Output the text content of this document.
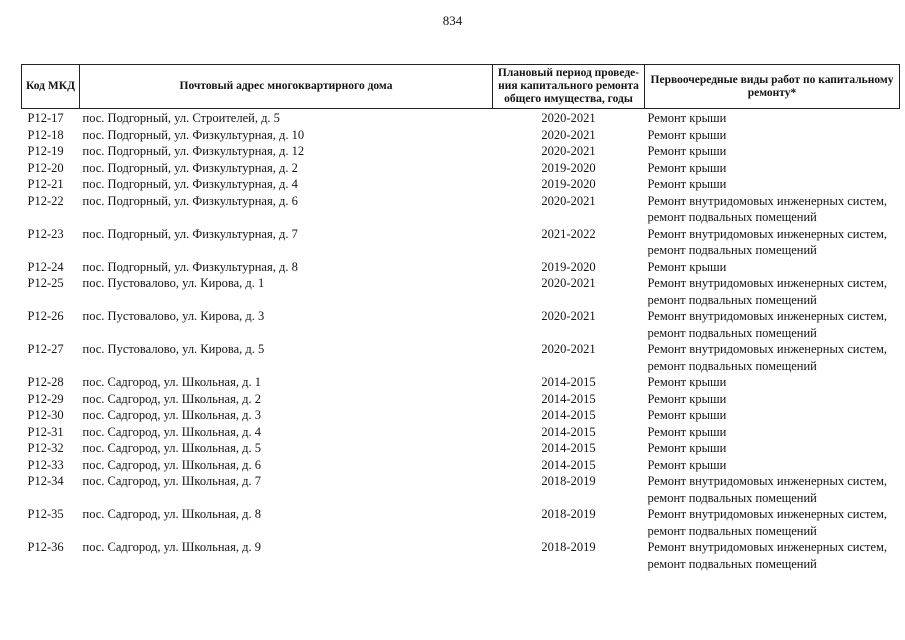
834
Код МКД	Почтовый адрес многоквартирного дома	Плановый период проведе-ния капитального ремонта общего имущества, годы	Первоочередные виды работ по капитальному ремонту*

Р12-17	пос. Подгорный, ул. Строителей, д. 5	2020-2021	Ремонт крыши

Р12-18	пос. Подгорный, ул. Физкультурная, д. 10	2020-2021	Ремонт крыши

Р12-19	пос. Подгорный, ул. Физкультурная, д. 12	2020-2021	Ремонт крыши

Р12-20	пос. Подгорный, ул. Физкультурная, д. 2	2019-2020	Ремонт крыши

Р12-21	пос. Подгорный, ул. Физкультурная, д. 4	2019-2020	Ремонт крыши

Р12-22	пос. Подгорный, ул. Физкультурная, д. 6	2020-2021	Ремонт внутридомовых инженерных систем,
ремонт подвальных помещений

Р12-23	пос. Подгорный, ул. Физкультурная, д. 7	2021-2022	Ремонт внутридомовых инженерных систем,
ремонт подвальных помещений

Р12-24	пос. Подгорный, ул. Физкультурная, д. 8	2019-2020	Ремонт крыши

Р12-25	пос. Пустовалово, ул. Кирова, д. 1	2020-2021	Ремонт внутридомовых инженерных систем,
ремонт подвальных помещений

Р12-26	пос. Пустовалово, ул. Кирова, д. 3	2020-2021	Ремонт внутридомовых инженерных систем,
ремонт подвальных помещений

Р12-27	пос. Пустовалово, ул. Кирова, д. 5	2020-2021	Ремонт внутридомовых инженерных систем,
ремонт подвальных помещений

Р12-28	пос. Садгород, ул. Школьная, д. 1	2014-2015	Ремонт крыши

Р12-29	пос. Садгород, ул. Школьная, д. 2	2014-2015	Ремонт крыши

Р12-30	пос. Садгород, ул. Школьная, д. 3	2014-2015	Ремонт крыши

Р12-31	пос. Садгород, ул. Школьная, д. 4	2014-2015	Ремонт крыши

Р12-32	пос. Садгород, ул. Школьная, д. 5	2014-2015	Ремонт крыши

Р12-33	пос. Садгород, ул. Школьная, д. 6	2014-2015	Ремонт крыши

Р12-34	пос. Садгород, ул. Школьная, д. 7	2018-2019	Ремонт внутридомовых инженерных систем,
ремонт подвальных помещений

Р12-35	пос. Садгород, ул. Школьная, д. 8	2018-2019	Ремонт внутридомовых инженерных систем,
ремонт подвальных помещений

Р12-36	пос. Садгород, ул. Школьная, д. 9	2018-2019	Ремонт внутридомовых инженерных систем,
ремонт подвальных помещений
